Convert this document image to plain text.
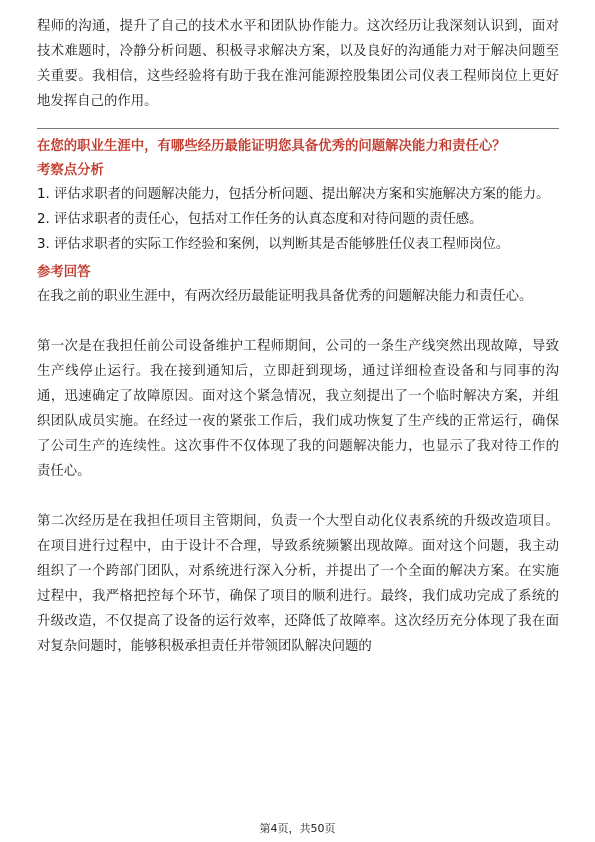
程师的沟通，提升了自己的技术水平和团队协作能力。这次经历让我深刻认识到，面对技术难题时，冷静分析问题、积极寻求解决方案，以及良好的沟通能力对于解决问题至关重要。我相信，这些经验将有助于我在淮河能源控股集团公司仪表工程师岗位上更好地发挥自己的作用。

在您的职业生涯中，有哪些经历最能证明您具备优秀的问题解决能力和责任心？

考察点分析

1. 评估求职者的问题解决能力，包括分析问题、提出解决方案和实施解决方案的能力。

2. 评估求职者的责任心，包括对工作任务的认真态度和对待问题的责任感。

3. 评估求职者的实际工作经验和案例，以判断其是否能够胜任仪表工程师岗位。

参考回答

在我之前的职业生涯中，有两次经历最能证明我具备优秀的问题解决能力和责任心。

第一次是在我担任前公司设备维护工程师期间，公司的一条生产线突然出现故障，导致生产线停止运行。我在接到通知后，立即赶到现场，通过详细检查设备和与同事的沟通，迅速确定了故障原因。面对这个紧急情况，我立刻提出了一个临时解决方案，并组织团队成员实施。在经过一夜的紧张工作后，我们成功恢复了生产线的正常运行，确保了公司生产的连续性。这次事件不仅体现了我的问题解决能力，也显示了我对待工作的责任心。

第二次经历是在我担任项目主管期间，负责一个大型自动化仪表系统的升级改造项目。在项目进行过程中，由于设计不合理，导致系统频繁出现故障。面对这个问题，我主动组织了一个跨部门团队，对系统进行深入分析，并提出了一个全面的解决方案。在实施过程中，我严格把控每个环节，确保了项目的顺利进行。最终，我们成功完成了系统的升级改造，不仅提高了设备的运行效率，还降低了故障率。这次经历充分体现了我在面对复杂问题时，能够积极承担责任并带领团队解决问题的

第4页，共50页
